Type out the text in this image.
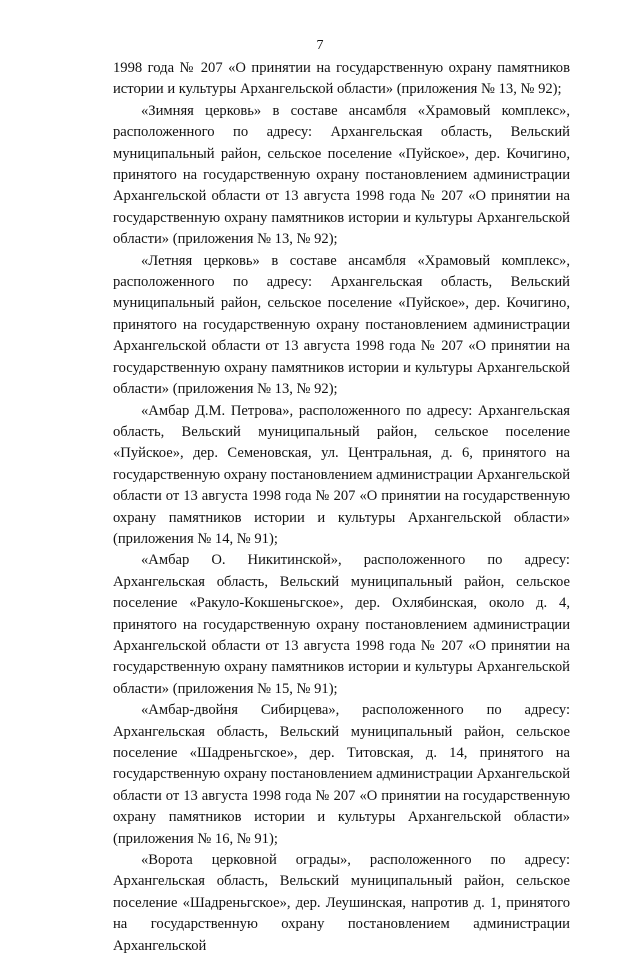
7

1998 года № 207 «О принятии на государственную охрану памятников истории и культуры Архангельской области» (приложения № 13, № 92);

«Зимняя церковь» в составе ансамбля «Храмовый комплекс», расположенного по адресу: Архангельская область, Вельский муниципальный район, сельское поселение «Пуйское», дер. Кочигино, принятого на государственную охрану постановлением администрации Архангельской области от 13 августа 1998 года № 207 «О принятии на государственную охрану памятников истории и культуры Архангельской области» (приложения № 13, № 92);

«Летняя церковь» в составе ансамбля «Храмовый комплекс», расположенного по адресу: Архангельская область, Вельский муниципальный район, сельское поселение «Пуйское», дер. Кочигино, принятого на государственную охрану постановлением администрации Архангельской области от 13 августа 1998 года № 207 «О принятии на государственную охрану памятников истории и культуры Архангельской области» (приложения № 13, № 92);

«Амбар Д.М. Петрова», расположенного по адресу: Архангельская область, Вельский муниципальный район, сельское поселение «Пуйское», дер. Семеновская, ул. Центральная, д. 6, принятого на государственную охрану постановлением администрации Архангельской области от 13 августа 1998 года № 207 «О принятии на государственную охрану памятников истории и культуры Архангельской области» (приложения № 14, № 91);

«Амбар О. Никитинской», расположенного по адресу: Архангельская область, Вельский муниципальный район, сельское поселение «Ракуло-Кокшеньгское», дер. Охлябинская, около д. 4, принятого на государственную охрану постановлением администрации Архангельской области от 13 августа 1998 года № 207 «О принятии на государственную охрану памятников истории и культуры Архангельской области» (приложения № 15, № 91);

«Амбар-двойня Сибирцева», расположенного по адресу: Архангельская область, Вельский муниципальный район, сельское поселение «Шадреньгское», дер. Титовская, д. 14, принятого на государственную охрану постановлением администрации Архангельской области от 13 августа 1998 года № 207 «О принятии на государственную охрану памятников истории и культуры Архангельской области» (приложения № 16, № 91);

«Ворота церковной ограды», расположенного по адресу: Архангельская область, Вельский муниципальный район, сельское поселение «Шадреньгское», дер. Леушинская, напротив д. 1, принятого на государственную охрану постановлением администрации Архангельской
